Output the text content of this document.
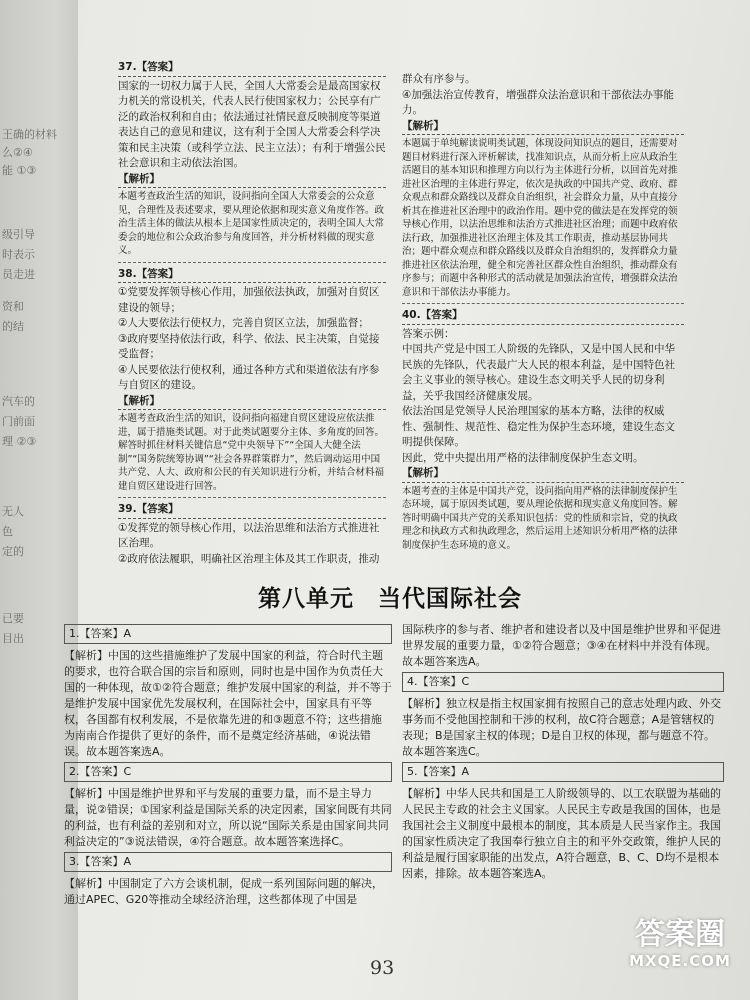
王确的材料
么②④
能 ①③
级引导
时表示
员走进
资和
的结
汽车的
门前面
理 ②③
无人
色
定的
已要
目出
37.【答案】

国家的一切权力属于人民，全国人大常委会是最高国家权力机关的常设机关，代表人民行使国家权力；公民享有广泛的政治权利和自由；依法通过社情民意反映制度等渠道表达自己的意见和建议，这有利于全国人大常委会科学决策和民主决策（或科学立法、民主立法）；有利于增强公民社会意识和主动依法治国。

【解析】

本题考查政治生活的知识，设问指向全国人大常委会的公众意见，合理性及表述要求，要从理论依据和现实意义角度作答。政治生活主体的做法从根本上是国家性质决定的，表明全国人大常委会的地位和公众政治参与角度回答，并分析材料做的现实意义。

38.【答案】

①党要发挥领导核心作用，加强依法执政，加强对自贸区建设的领导；

②人大要依法行使权力，完善自贸区立法，加强监督；

③政府要坚持依法行政，科学、依法、民主决策，自觉接受监督；

④人民要依法行使权利，通过各种方式和渠道依法有序参与自贸区的建设。

【解析】

本题考查政治生活的知识，设问指向福建自贸区建设应依法推进，属于措施类试题。对于此类试题要分主体、多角度的回答。解答时抓住材料关键信息“党中央领导下”“全国人大健全法制”“国务院统筹协调”“社会各界群策群力”，然后调动运用中国共产党、人大、政府和公民的有关知识进行分析，并结合材料福建自贸区建设进行回答。

39.【答案】

①发挥党的领导核心作用，以法治思维和法治方式推进社区治理。

②政府依法履职，明确社区治理主体及其工作职责，推动

群众有序参与。

④加强法治宣传教育，增强群众法治意识和干部依法办事能力。

【解析】

本题属于单纯解读说明类试题，体现设问知识点的题目，还需要对题目材料进行深入评析解读，找准知识点，从而分析上应从政治生活题目的基本知识和推理方向以行为主体进行分析，以回首先对推进社区治理的主体进行界定，依次是执政的中国共产党、政府、群众观点和群众路线以及群众自治组织，社会群众力量，从中直接分析其在推进社区治理中的政治作用。题中党的做法是在发挥党的领导核心作用，以法治思维和法治方式推进社区治理；而题中政府依法行政，加强推进社区治理主体及其工作职责，推动基层协同共治；题中群众观点和群众路线以及群众自治组织的，发挥群众力量推进社区依法治理，健全和完善社区群众性自治组织，推动群众有序参与；而题中各种形式的活动就是加强法治宣传，增强群众法治意识和干部依法办事能力。

40.【答案】

答案示例：

中国共产党是中国工人阶级的先锋队，又是中国人民和中华民族的先锋队，代表最广大人民的根本利益，是中国特色社会主义事业的领导核心。建设生态文明关乎人民的切身利益，关乎我国经济健康发展。

依法治国是党领导人民治理国家的基本方略，法律的权威性、强制性、规范性、稳定性为保护生态环境，建设生态文明提供保障。

因此，党中央提出用严格的法律制度保护生态文明。

【解析】

本题考查的主体是中国共产党，设问指向用严格的法律制度保护生态环境，属于原因类试题，要从理论依据和现实意义角度回答。解答时明确中国共产党的关系知识包括：党的性质和宗旨，党的执政理念和执政方式和执政理念，然后运用上述知识分析用严格的法律制度保护生态环境的意义。

第八单元　当代国际社会
1.【答案】A

【解析】中国的这些措施维护了发展中国家的利益，符合时代主题的要求，也符合联合国的宗旨和原则，同时也是中国作为负责任大国的一种体现，故①②符合题意；维护发展中国家的利益，并不等于是维护发展中国家优先发展权利，在国际社会中，国家具有平等权，各国都有权利发展，不是依靠先进的和③题意不符；这些措施为南南合作提供了更好的条件，而不是奠定经济基础，④说法错误。故本题答案选A。

2.【答案】C

【解析】中国是维护世界和平与发展的重要力量，而不是主导力量，说②错误；①国家利益是国际关系的决定因素，国家间既有共同的利益，也有利益的差别和对立，所以说“国际关系是由国家间共同利益决定的”③说法错误，④符合题意。故本题答案选择C。

3.【答案】A

【解析】中国制定了六方会谈机制，促成一系列国际问题的解决，通过APEC、G20等推动全球经济治理，这些都体现了中国是

国际秩序的参与者、维护者和建设者以及中国是维护世界和平促进世界发展的重要力量，①②符合题意；③④在材料中并没有体现。故本题答案选A。

4.【答案】C

【解析】独立权是指主权国家拥有按照自己的意志处理内政、外交事务而不受他国控制和干涉的权利，故C符合题意；A是管辖权的表现；B是国家主权的体现；D是自卫权的体现，都与题意不符。故本题答案选C。

5.【答案】A

【解析】中华人民共和国是工人阶级领导的、以工农联盟为基础的人民民主专政的社会主义国家。人民民主专政是我国的国体，也是我国社会主义制度中最根本的制度，其本质是人民当家作主。我国的国家性质决定了我国奉行独立自主的和平外交政策，维护人民的利益是履行国家职能的出发点，A符合题意，B、C、D均不是根本因素，排除。故本题答案选A。

93
答案圈
MXQE.COM
